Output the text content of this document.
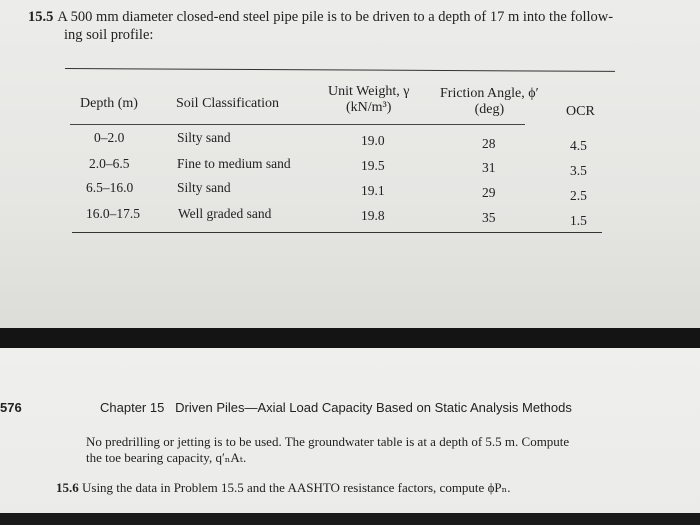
15.5 A 500 mm diameter closed-end steel pipe pile is to be driven to a depth of 17 m into the follow-
ing soil profile:
Depth (m)	Soil Classification
Unit Weight, γ
(kN/m³)
Friction Angle, ϕ′
(deg)	OCR
0–2.0	Silty sand	19.0	28	4.5
2.0–6.5	Fine to medium sand	19.5	31	3.5
6.5–16.0	Silty sand	19.1	29	2.5
16.0–17.5	Well graded sand	19.8	35	1.5
576	Chapter 15   Driven Piles—Axial Load Capacity Based on Static Analysis Methods
No predrilling or jetting is to be used. The groundwater table is at a depth of 5.5 m. Compute
the toe bearing capacity, q′ₙAₜ.
15.6 Using the data in Problem 15.5 and the AASHTO resistance factors, compute ϕPₙ.
